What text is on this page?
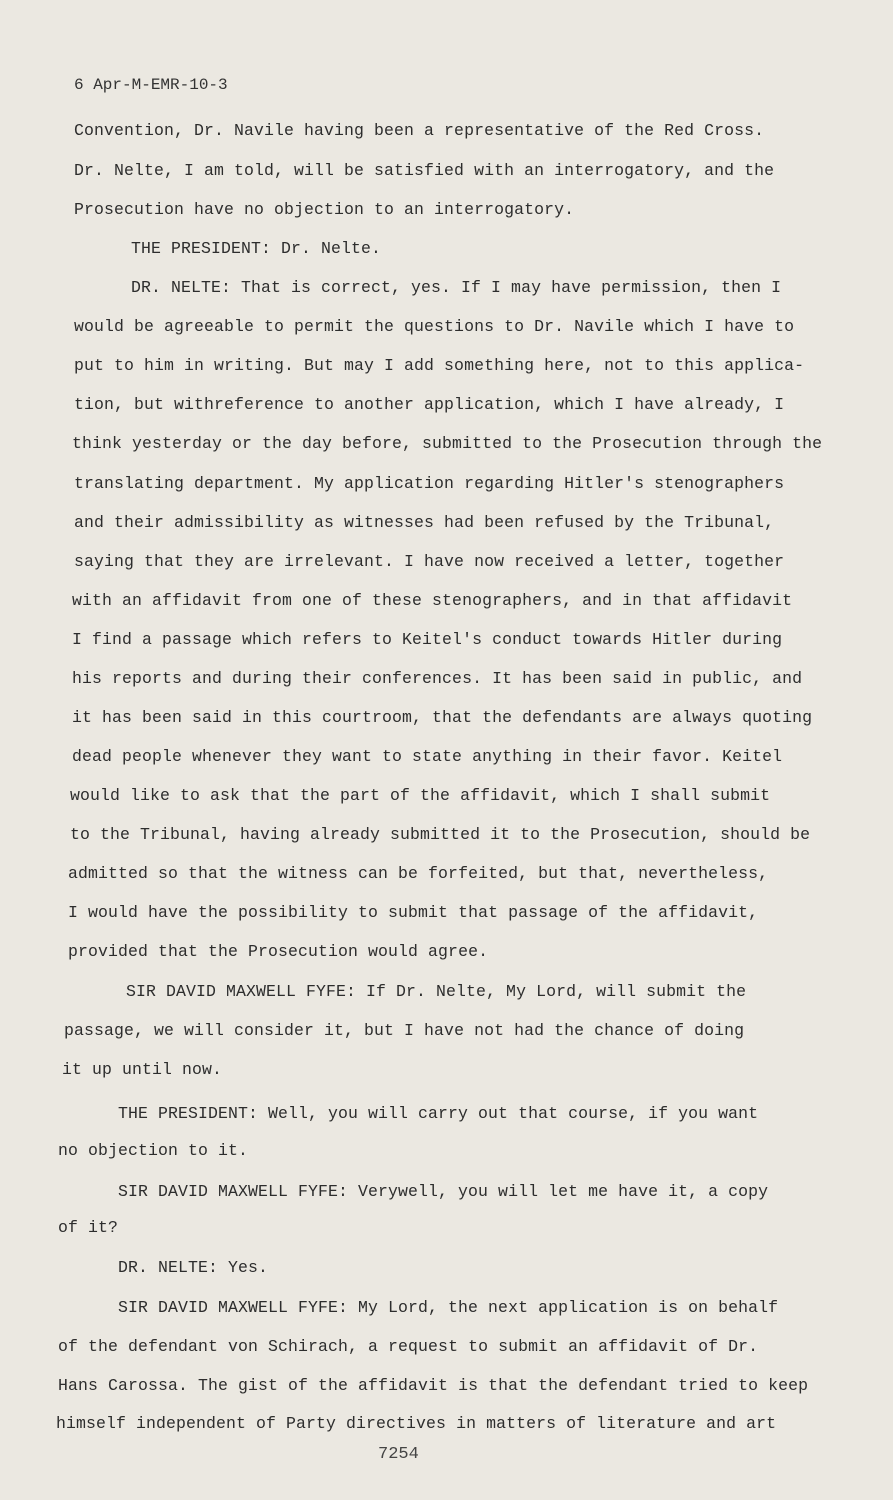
6 Apr-M-EMR-10-3
Convention, Dr. Navile having been a representative of the Red Cross.
Dr. Nelte, I am told, will be satisfied with an interrogatory, and the
Prosecution have no objection to an interrogatory.
THE PRESIDENT: Dr. Nelte.
DR. NELTE: That is correct, yes. If I may have permission, then I
would be agreeable to permit the questions to Dr. Navile which I have to
put to him in writing. But may I add something here, not to this applica-
tion, but withreference to another application, which I have already, I
think yesterday or the day before, submitted to the Prosecution through the
translating department. My application regarding Hitler's stenographers
and their admissibility as witnesses had been refused by the Tribunal,
saying that they are irrelevant. I have now received a letter, together
with an affidavit from one of these stenographers, and in that affidavit
I find a passage which refers to Keitel's conduct towards Hitler during
his reports and during their conferences. It has been said in public, and
it has been said in this courtroom, that the defendants are always quoting
dead people whenever they want to state anything in their favor. Keitel
would like to ask that the part of the affidavit, which I shall submit
to the Tribunal, having already submitted it to the Prosecution, should be
admitted so that the witness can be forfeited, but that, nevertheless,
I would have the possibility to submit that passage of the affidavit,
provided that the Prosecution would agree.
SIR DAVID MAXWELL FYFE: If Dr. Nelte, My Lord, will submit the
passage, we will consider it, but I have not had the chance of doing
it up until now.
THE PRESIDENT: Well, you will carry out that course, if you want
no objection to it.
SIR DAVID MAXWELL FYFE: Verywell, you will let me have it, a copy
of it?
DR. NELTE: Yes.
SIR DAVID MAXWELL FYFE: My Lord, the next application is on behalf
of the defendant von Schirach, a request to submit an affidavit of Dr.
Hans Carossa. The gist of the affidavit is that the defendant tried to keep
himself independent of Party directives in matters of literature and art
7254
